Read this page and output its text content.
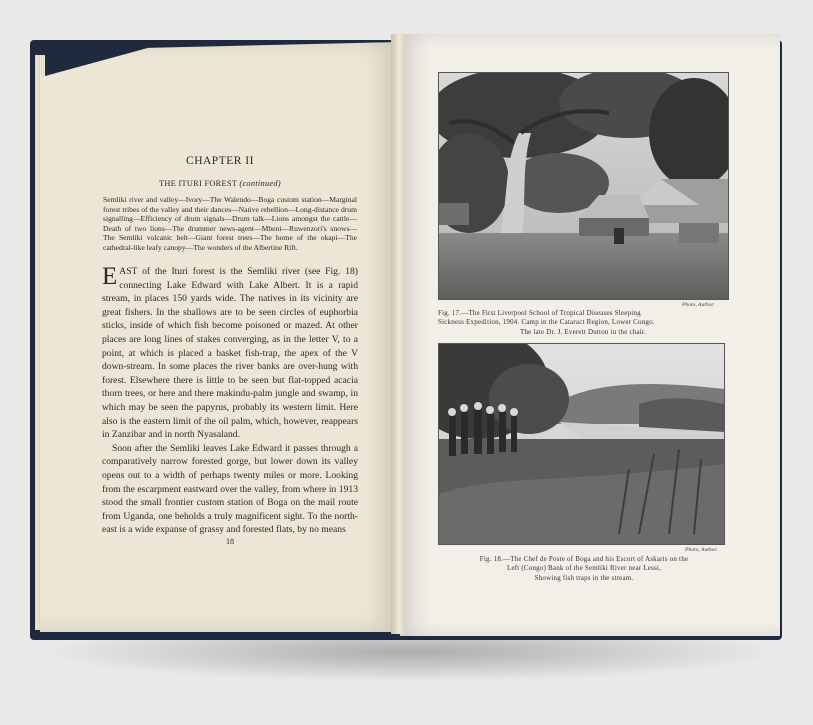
CHAPTER II
THE ITURI FOREST (continued)
Semliki river and valley—Ivory—The Walendo—Boga custom station—Marginal forest tribes of the valley and their dances—Native rebellion—Long-distance drum signalling—Efficiency of drum signals—Drum talk—Lions amongst the cattle—Death of two lions—The drummer news-agent—Mbeni—Ruwenzori's snows—The Semliki volcanic belt—Giant forest trees—The home of the okapi—The cathedral-like leafy canopy—The wonders of the Albertine Rift.

EAST of the Ituri forest is the Semliki river (see Fig. 18) connecting Lake Edward with Lake Albert. It is a rapid stream, in places 150 yards wide. The natives in its vicinity are great fishers. In the shallows are to be seen circles of euphorbia sticks, inside of which fish become poisoned or mazed. At other places are long lines of stakes converging, as in the letter V, to a point, at which is placed a basket fish-trap, the apex of the V down-stream. In some places the river banks are over-hung with forest. Elsewhere there is little to be seen but flat-topped acacia thorn trees, or here and there makindu-palm jungle and swamp, in which may be seen the papyrus, probably its western limit. Here also is the eastern limit of the oil palm, which, however, reappears in Zanzibar and in north Nyasaland.

Soon after the Semliki leaves Lake Edward it passes through a comparatively narrow forested gorge, but lower down its valley opens out to a width of perhaps twenty miles or more. Looking from the escarpment eastward over the valley, from where in 1913 stood the small frontier custom station of Boga on the mail route from Uganda, one beholds a truly magnificent sight. To the north-east is a wide expanse of grassy and forested flats, by no means

18
Photo, Author.
Fig. 17.—The First Liverpool School of Tropical Diseases Sleeping
Sickness Expedition, 1904. Camp in the Cataract Region, Lower Congo.
The late Dr. J. Everett Dutton in the chair.
Photo, Author.
Fig. 18.—The Chef de Poste of Boga and his Escort of Askaris on the
Left (Congo) Bank of the Semliki River near Lessi,
Showing fish traps in the stream.
